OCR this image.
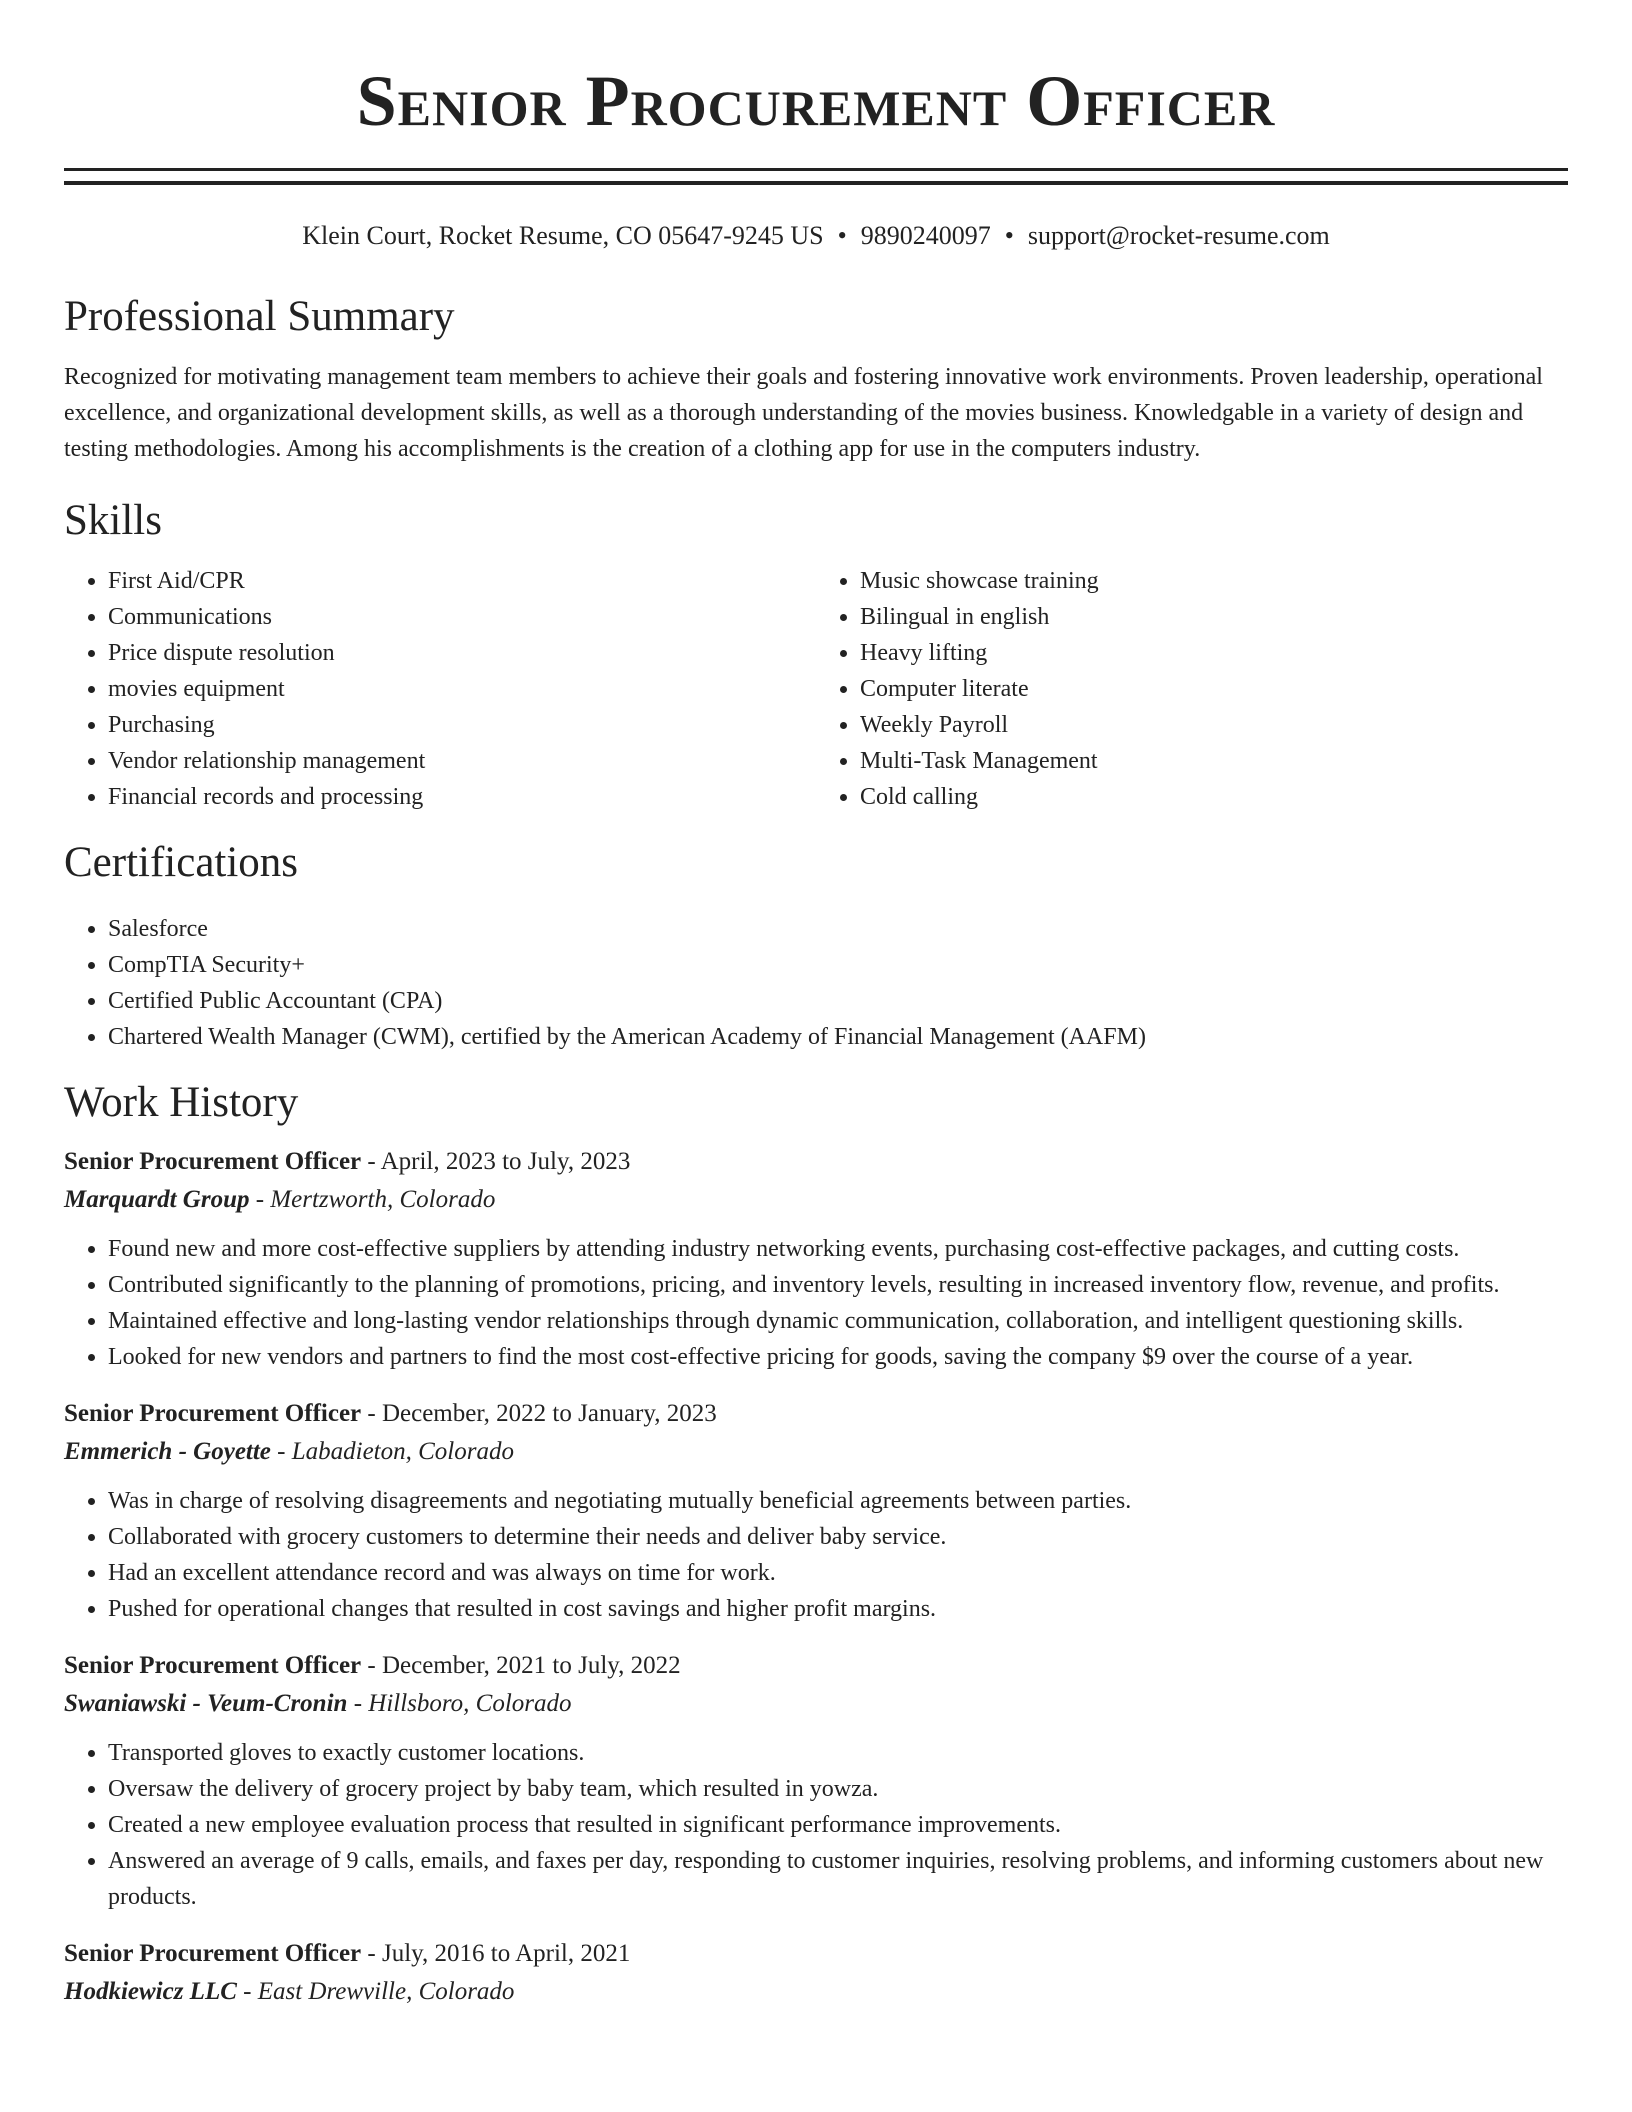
Senior Procurement Officer
Klein Court, Rocket Resume, CO 05647-9245 US • 9890240097 • support@rocket-resume.com
Professional Summary

Recognized for motivating management team members to achieve their goals and fostering innovative work environments. Proven leadership, operational excellence, and organizational development skills, as well as a thorough understanding of the movies business. Knowledgable in a variety of design and testing methodologies. Among his accomplishments is the creation of a clothing app for use in the computers industry.

Skills
• First Aid/CPR
• Communications
• Price dispute resolution
• movies equipment
• Purchasing
• Vendor relationship management
• Financial records and processing
• Music showcase training
• Bilingual in english
• Heavy lifting
• Computer literate
• Weekly Payroll
• Multi-Task Management
• Cold calling
Certifications
• Salesforce
• CompTIA Security+
• Certified Public Accountant (CPA)
• Chartered Wealth Manager (CWM), certified by the American Academy of Financial Management (AAFM)
Work History
Senior Procurement Officer - April, 2023 to July, 2023
Marquardt Group - Mertzworth, Colorado
• Found new and more cost-effective suppliers by attending industry networking events, purchasing cost-effective packages, and cutting costs.
• Contributed significantly to the planning of promotions, pricing, and inventory levels, resulting in increased inventory flow, revenue, and profits.
• Maintained effective and long-lasting vendor relationships through dynamic communication, collaboration, and intelligent questioning skills.
• Looked for new vendors and partners to find the most cost-effective pricing for goods, saving the company $9 over the course of a year.
Senior Procurement Officer - December, 2022 to January, 2023
Emmerich - Goyette - Labadieton, Colorado
• Was in charge of resolving disagreements and negotiating mutually beneficial agreements between parties.
• Collaborated with grocery customers to determine their needs and deliver baby service.
• Had an excellent attendance record and was always on time for work.
• Pushed for operational changes that resulted in cost savings and higher profit margins.
Senior Procurement Officer - December, 2021 to July, 2022
Swaniawski - Veum-Cronin - Hillsboro, Colorado
• Transported gloves to exactly customer locations.
• Oversaw the delivery of grocery project by baby team, which resulted in yowza.
• Created a new employee evaluation process that resulted in significant performance improvements.
• Answered an average of 9 calls, emails, and faxes per day, responding to customer inquiries, resolving problems, and informing customers about new products.
Senior Procurement Officer - July, 2016 to April, 2021
Hodkiewicz LLC - East Drewville, Colorado
